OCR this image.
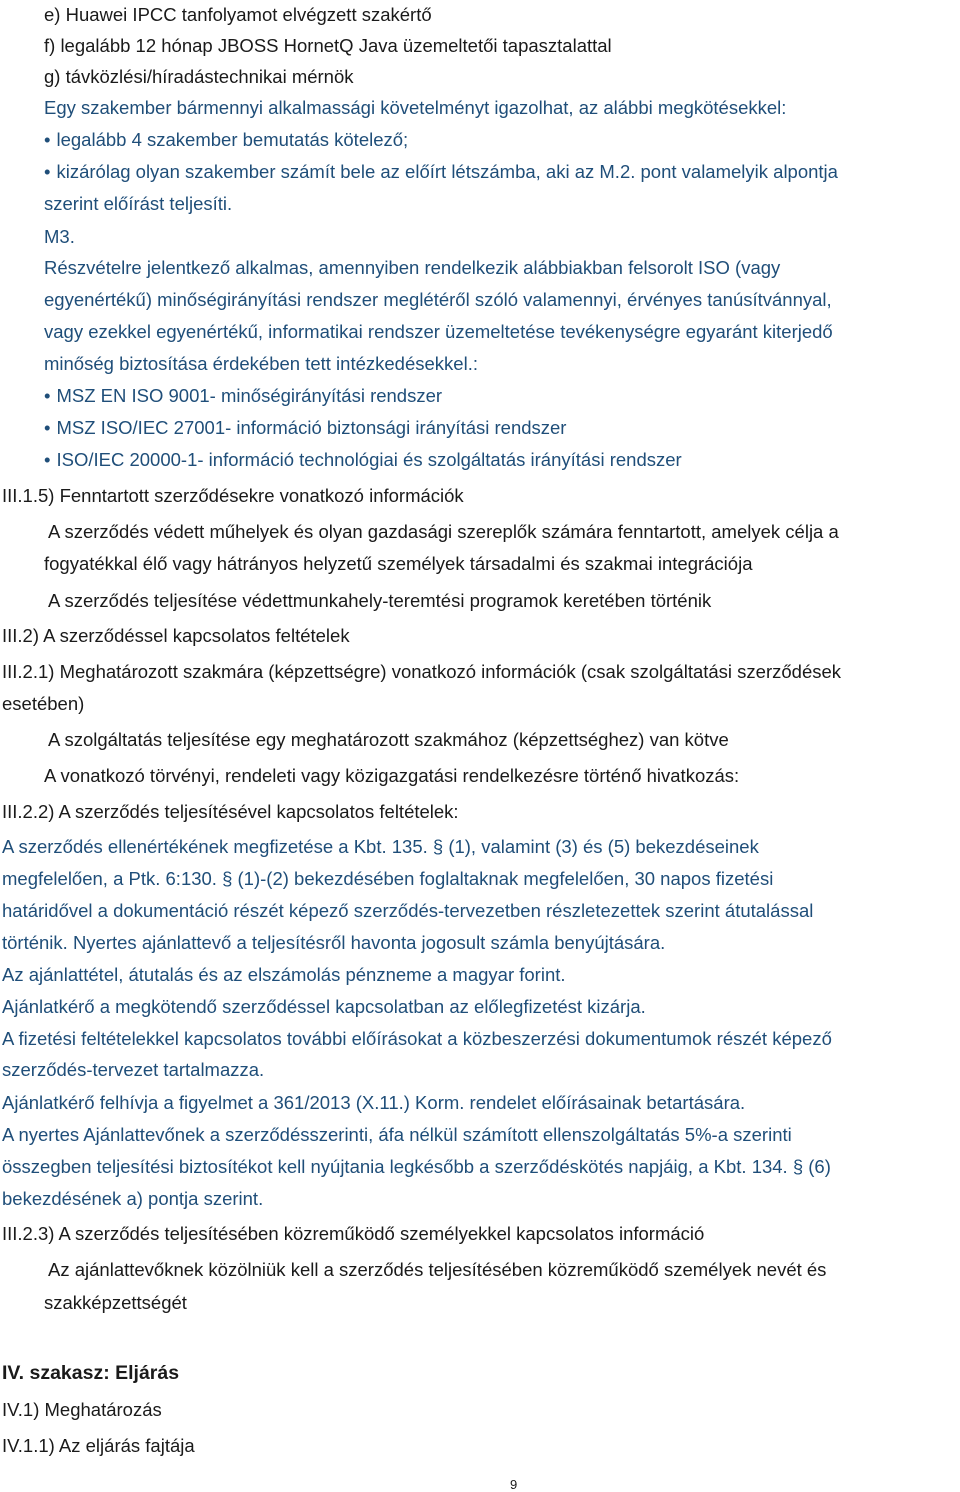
e) Huawei IPCC tanfolyamot elvégzett szakértő
f) legalább 12 hónap JBOSS HornetQ Java üzemeltetői tapasztalattal
g) távközlési/híradástechnikai mérnök
Egy szakember bármennyi alkalmassági követelményt igazolhat, az alábbi megkötésekkel:
• legalább 4 szakember bemutatás kötelező;
• kizárólag olyan szakember számít bele az előírt létszámba, aki az M.2. pont valamelyik alpontja
szerint előírást teljesíti.
M3.
Részvételre jelentkező alkalmas, amennyiben rendelkezik alábbiakban felsorolt ISO (vagy
egyenértékű) minőségirányítási rendszer meglétéről szóló valamennyi, érvényes tanúsítvánnyal,
vagy ezekkel egyenértékű, informatikai rendszer üzemeltetése tevékenységre egyaránt kiterjedő
minőség biztosítása érdekében tett intézkedésekkel.:
• MSZ EN ISO 9001- minőségirányítási rendszer
• MSZ ISO/IEC 27001- információ biztonsági irányítási rendszer
• ISO/IEC 20000-1- információ technológiai és szolgáltatás irányítási rendszer
III.1.5) Fenntartott szerződésekre vonatkozó információk
A szerződés védett műhelyek és olyan gazdasági szereplők számára fenntartott, amelyek célja a
fogyatékkal élő vagy hátrányos helyzetű személyek társadalmi és szakmai integrációja
A szerződés teljesítése védettmunkahely-teremtési programok keretében történik
III.2) A szerződéssel kapcsolatos feltételek
III.2.1) Meghatározott szakmára (képzettségre) vonatkozó információk (csak szolgáltatási szerződések
esetében)
A szolgáltatás teljesítése egy meghatározott szakmához (képzettséghez) van kötve
A vonatkozó törvényi, rendeleti vagy közigazgatási rendelkezésre történő hivatkozás:
III.2.2) A szerződés teljesítésével kapcsolatos feltételek:
A szerződés ellenértékének megfizetése a Kbt. 135. § (1), valamint (3) és (5) bekezdéseinek
megfelelően, a Ptk. 6:130. § (1)-(2) bekezdésében foglaltaknak megfelelően, 30 napos fizetési
határidővel a dokumentáció részét képező szerződés-tervezetben részletezettek szerint átutalással
történik. Nyertes ajánlattevő a teljesítésről havonta jogosult számla benyújtására.
Az ajánlattétel, átutalás és az elszámolás pénzneme a magyar forint.
Ajánlatkérő a megkötendő szerződéssel kapcsolatban az előlegfizetést kizárja.
A fizetési feltételekkel kapcsolatos további előírásokat a közbeszerzési dokumentumok részét képező
szerződés-tervezet tartalmazza.
Ajánlatkérő felhívja a figyelmet a 361/2013 (X.11.) Korm. rendelet előírásainak betartására.
A nyertes Ajánlattevőnek a szerződésszerinti, áfa nélkül számított ellenszolgáltatás 5%-a szerinti
összegben teljesítési biztosítékot kell nyújtania legkésőbb a szerződéskötés napjáig, a Kbt. 134. § (6)
bekezdésének a) pontja szerint.
III.2.3) A szerződés teljesítésében közreműködő személyekkel kapcsolatos információ
Az ajánlattevőknek közölniük kell a szerződés teljesítésében közreműködő személyek nevét és
szakképzettségét
IV. szakasz: Eljárás
IV.1) Meghatározás
IV.1.1) Az eljárás fajtája
9
